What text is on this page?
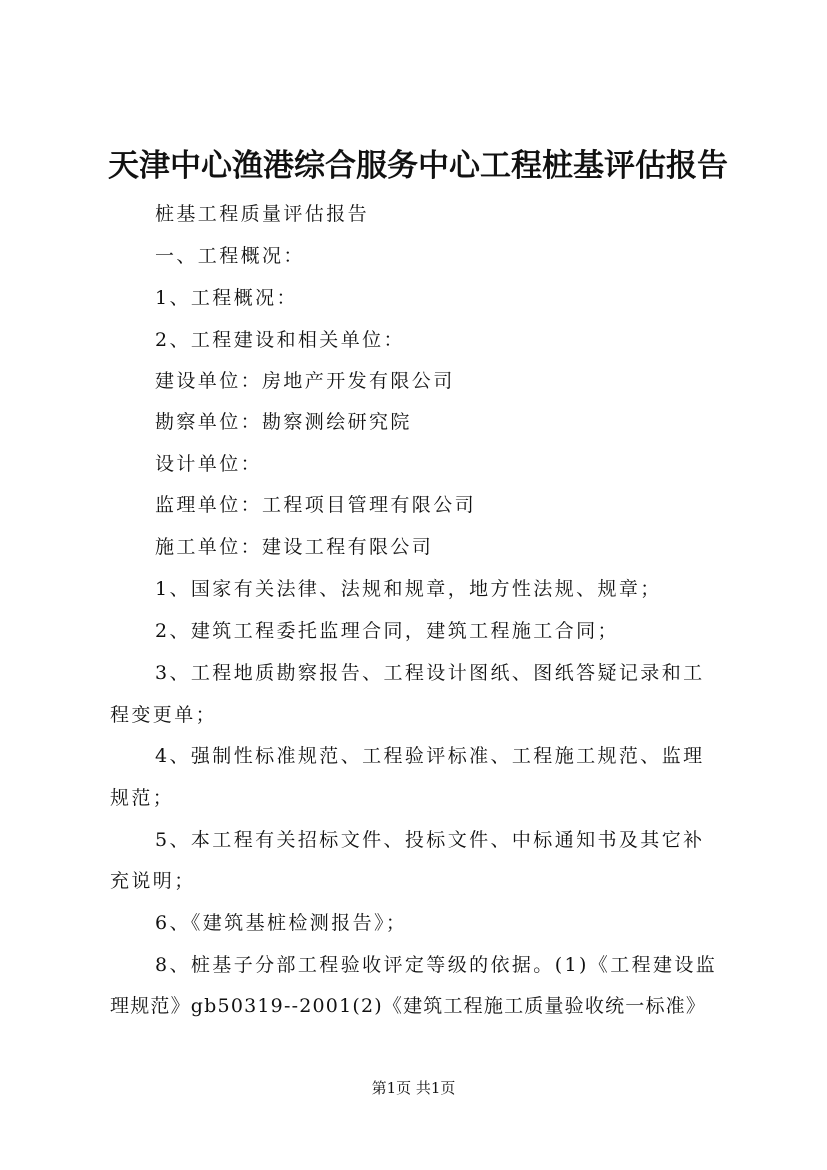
天津中心渔港综合服务中心工程桩基评估报告
桩基工程质量评估报告
一、工程概况：
1、工程概况：
2、工程建设和相关单位：
建设单位：房地产开发有限公司
勘察单位：勘察测绘研究院
设计单位：
监理单位：工程项目管理有限公司
施工单位：建设工程有限公司
1、国家有关法律、法规和规章，地方性法规、规章；
2、建筑工程委托监理合同，建筑工程施工合同；
3、工程地质勘察报告、工程设计图纸、图纸答疑记录和工
程变更单；
4、强制性标准规范、工程验评标准、工程施工规范、监理
规范；
5、本工程有关招标文件、投标文件、中标通知书及其它补
充说明；
6、《建筑基桩检测报告》；
8、桩基子分部工程验收评定等级的依据。(1)《工程建设监
理规范》gb50319--2001(2)《建筑工程施工质量验收统一标准》
第1页 共1页
